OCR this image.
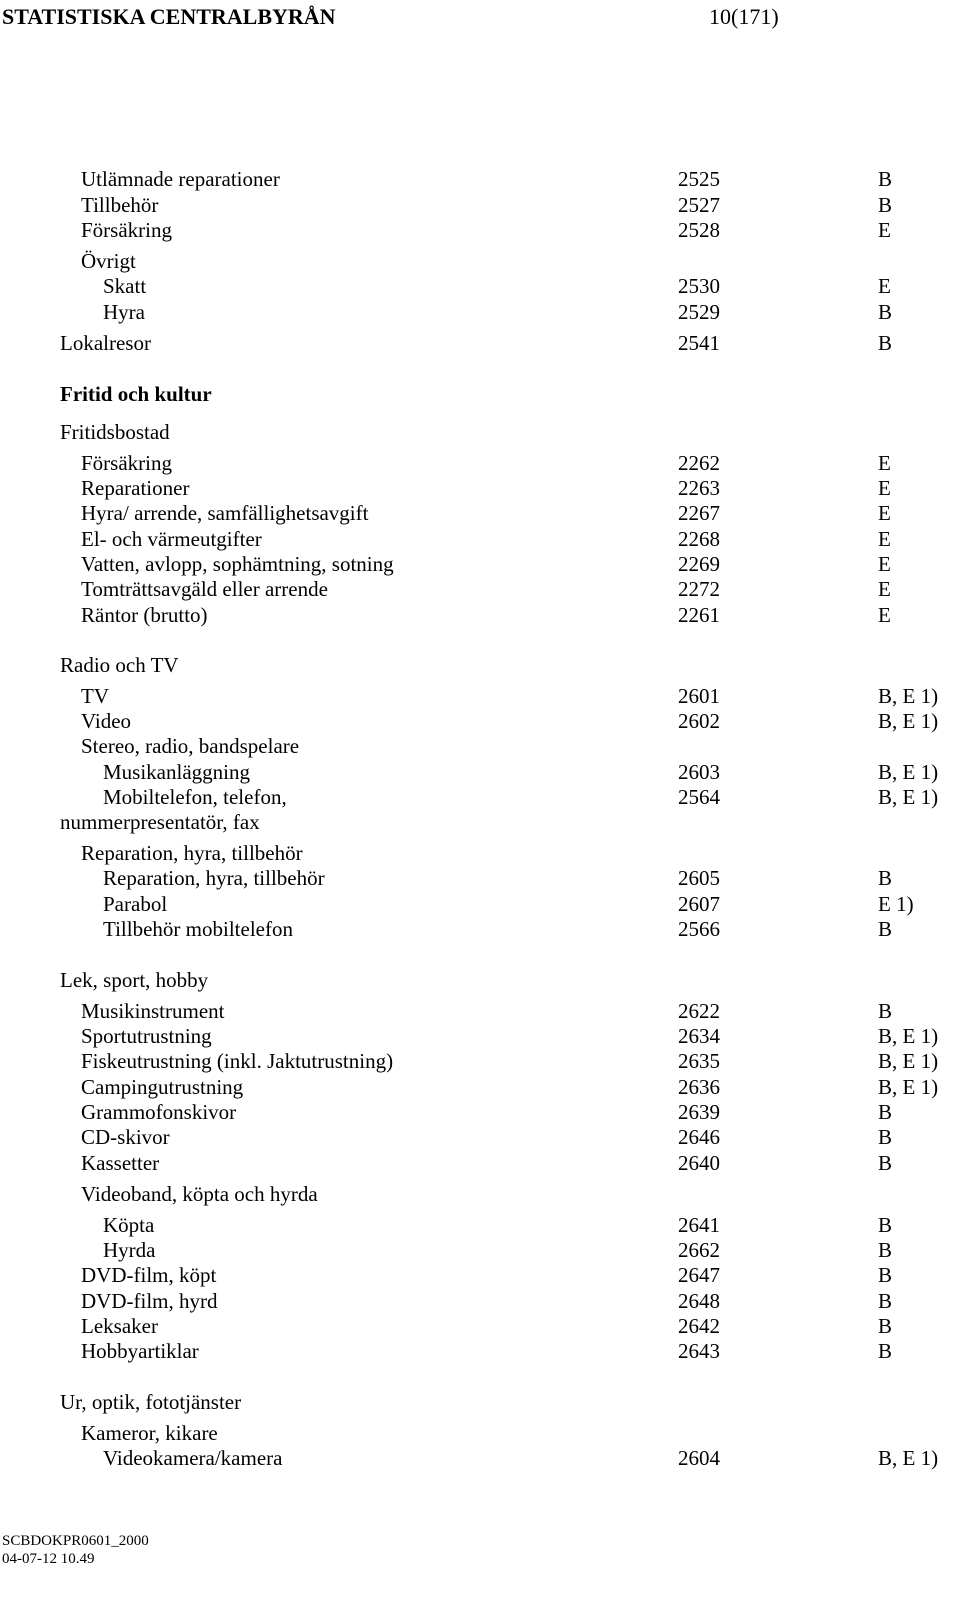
STATISTISKA CENTRALBYRÅN	10(171)
Utlämnade reparationer	2525	B
Tillbehör	2527	B
Försäkring	2528	E
Övrigt
Skatt	2530	E
Hyra	2529	B
Lokalresor	2541	B
Fritid och kultur
Fritidsbostad
Försäkring	2262	E
Reparationer	2263	E
Hyra/ arrende, samfällighetsavgift	2267	E
El- och värmeutgifter	2268	E
Vatten, avlopp, sophämtning, sotning	2269	E
Tomträttsavgäld eller arrende	2272	E
Räntor (brutto)	2261	E
Radio och TV
TV	2601	B, E 1)
Video	2602	B, E 1)
Stereo, radio, bandspelare
Musikanläggning	2603	B, E 1)
Mobiltelefon, telefon,	2564	B, E 1)
nummerpresentatör, fax
Reparation, hyra, tillbehör
Reparation, hyra, tillbehör	2605	B
Parabol	2607	E 1)
Tillbehör mobiltelefon	2566	B
Lek, sport, hobby
Musikinstrument	2622	B
Sportutrustning	2634	B, E 1)
Fiskeutrustning (inkl. Jaktutrustning)	2635	B, E 1)
Campingutrustning	2636	B, E 1)
Grammofonskivor	2639	B
CD-skivor	2646	B
Kassetter	2640	B
Videoband, köpta och hyrda
Köpta	2641	B
Hyrda	2662	B
DVD-film, köpt	2647	B
DVD-film, hyrd	2648	B
Leksaker	2642	B
Hobbyartiklar	2643	B
Ur, optik, fototjänster
Kameror, kikare
Videokamera/kamera	2604	B, E 1)
SCBDOKPR0601_2000
04-07-12 10.49
